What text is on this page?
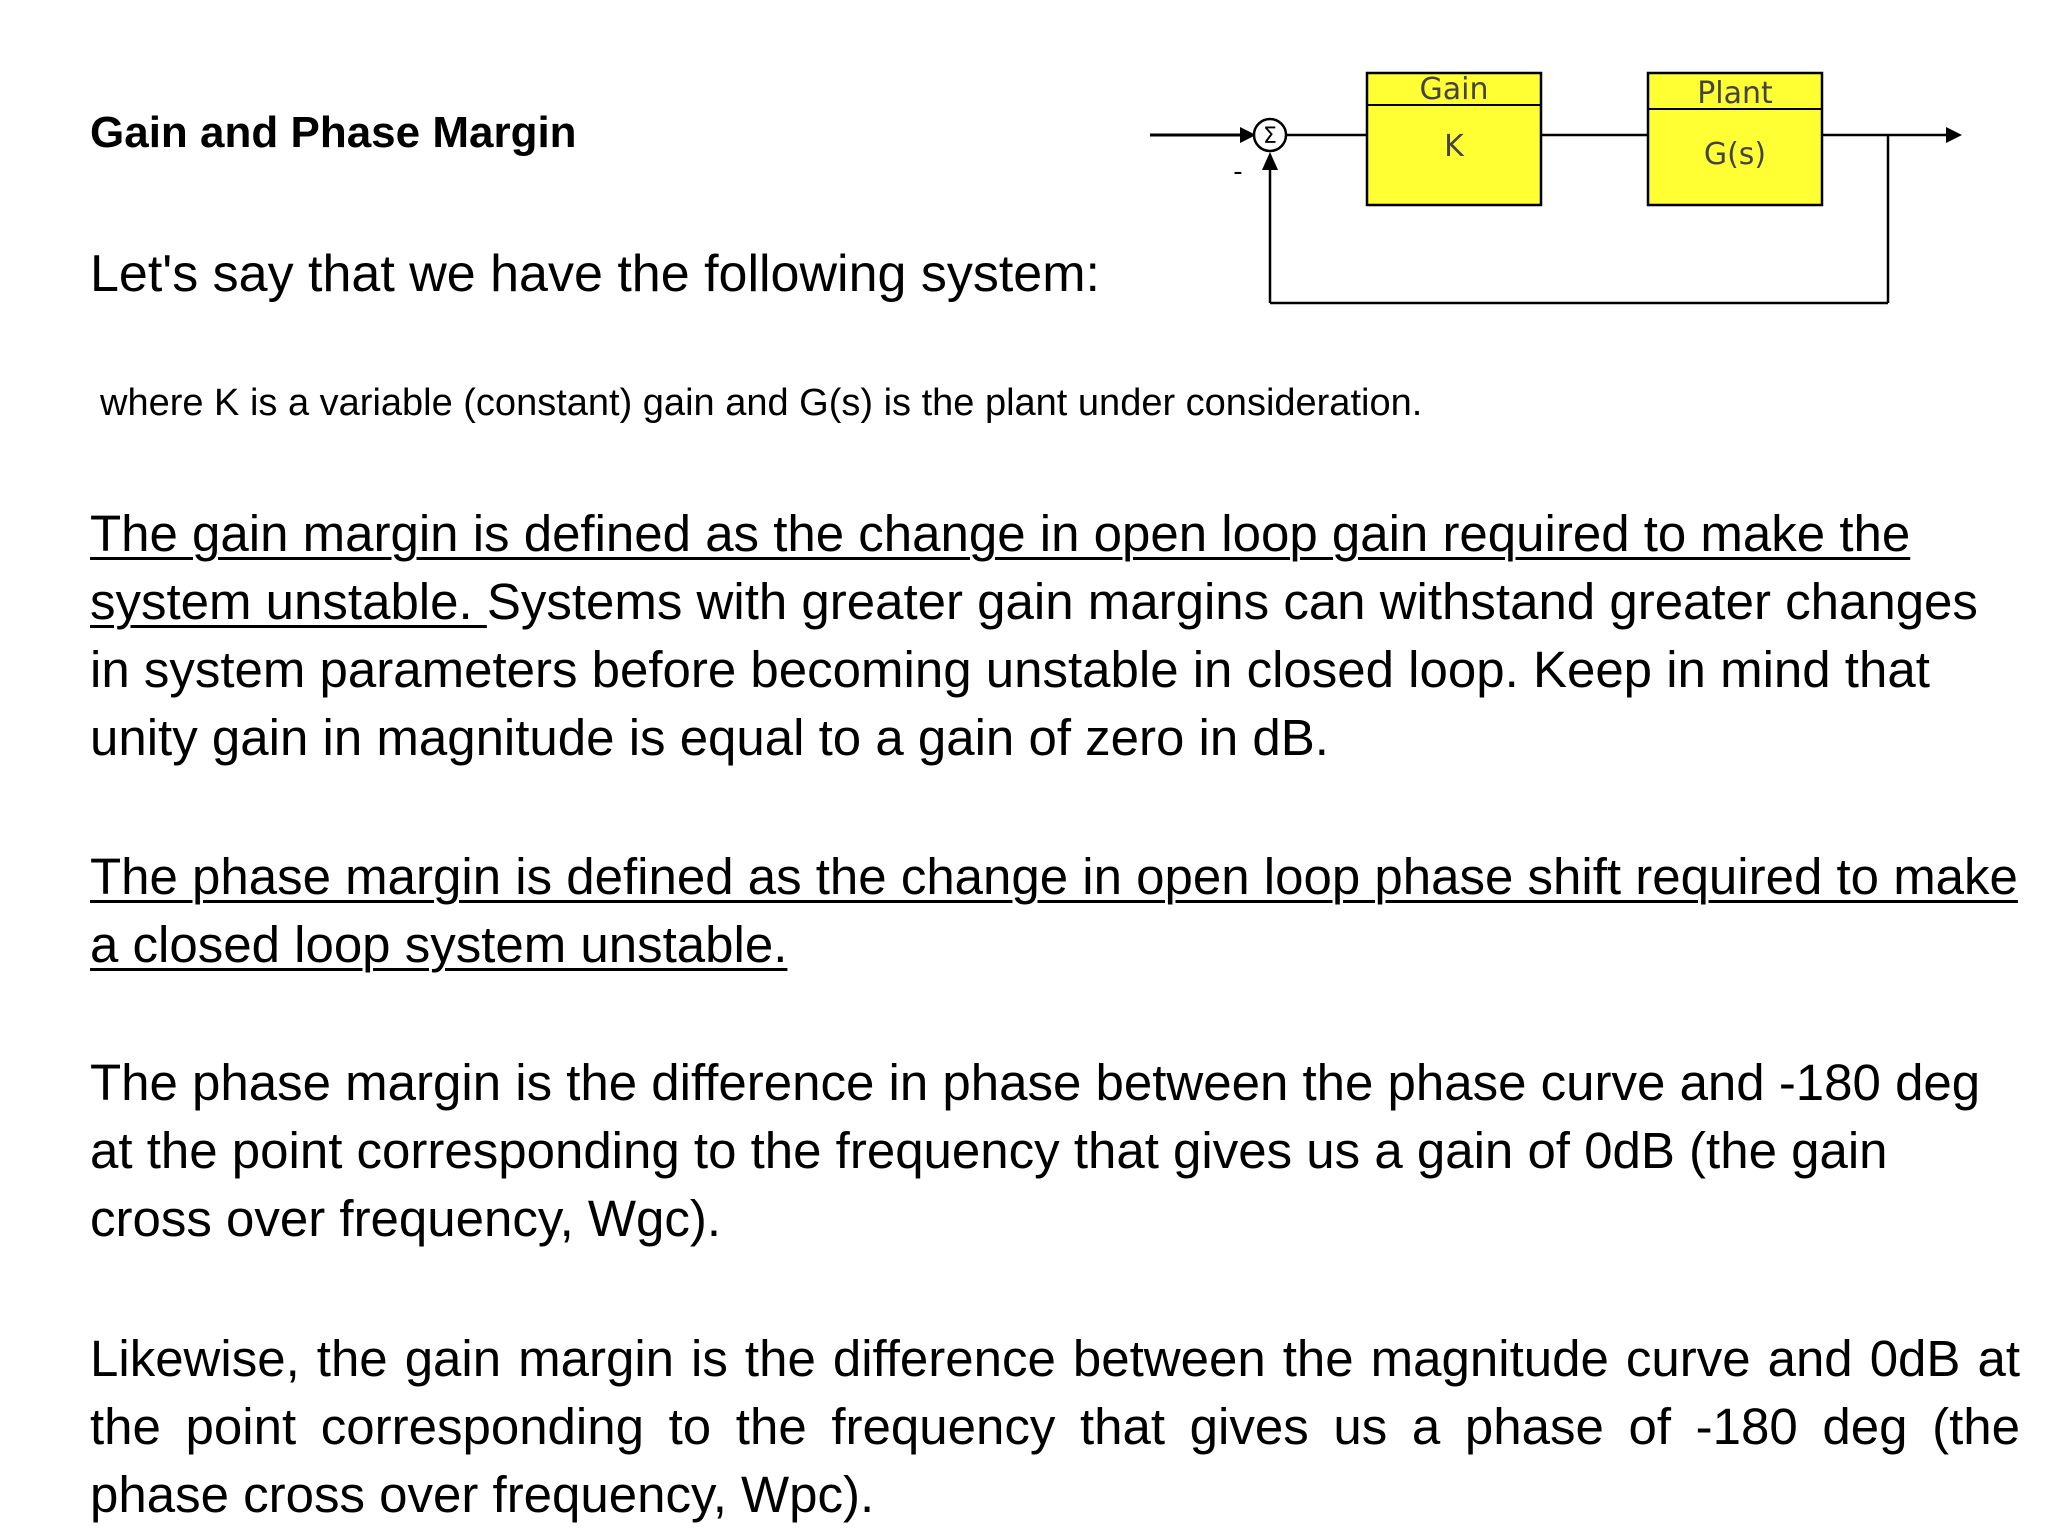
Gain and Phase Margin
Let's say that we have the following system:
Σ
-
Gain
K
Plant
G(s)
where K is a variable (constant) gain and G(s) is the plant under consideration.

The gain margin is defined as the change in open loop gain required to make the system unstable. Systems with greater gain margins can withstand greater changes in system parameters before becoming unstable in closed loop. Keep in mind that unity gain in magnitude is equal to a gain of zero in dB.

The phase margin is defined as the change in open loop phase shift required to make a closed loop system unstable.

The phase margin is the difference in phase between the phase curve and -180 deg at the point corresponding to the frequency that gives us a gain of 0dB (the gain cross over frequency, Wgc).

Likewise, the gain margin is the difference between the magnitude curve and 0dB at the point corresponding to the frequency that gives us a phase of -180 deg (the phase cross over frequency, Wpc).
